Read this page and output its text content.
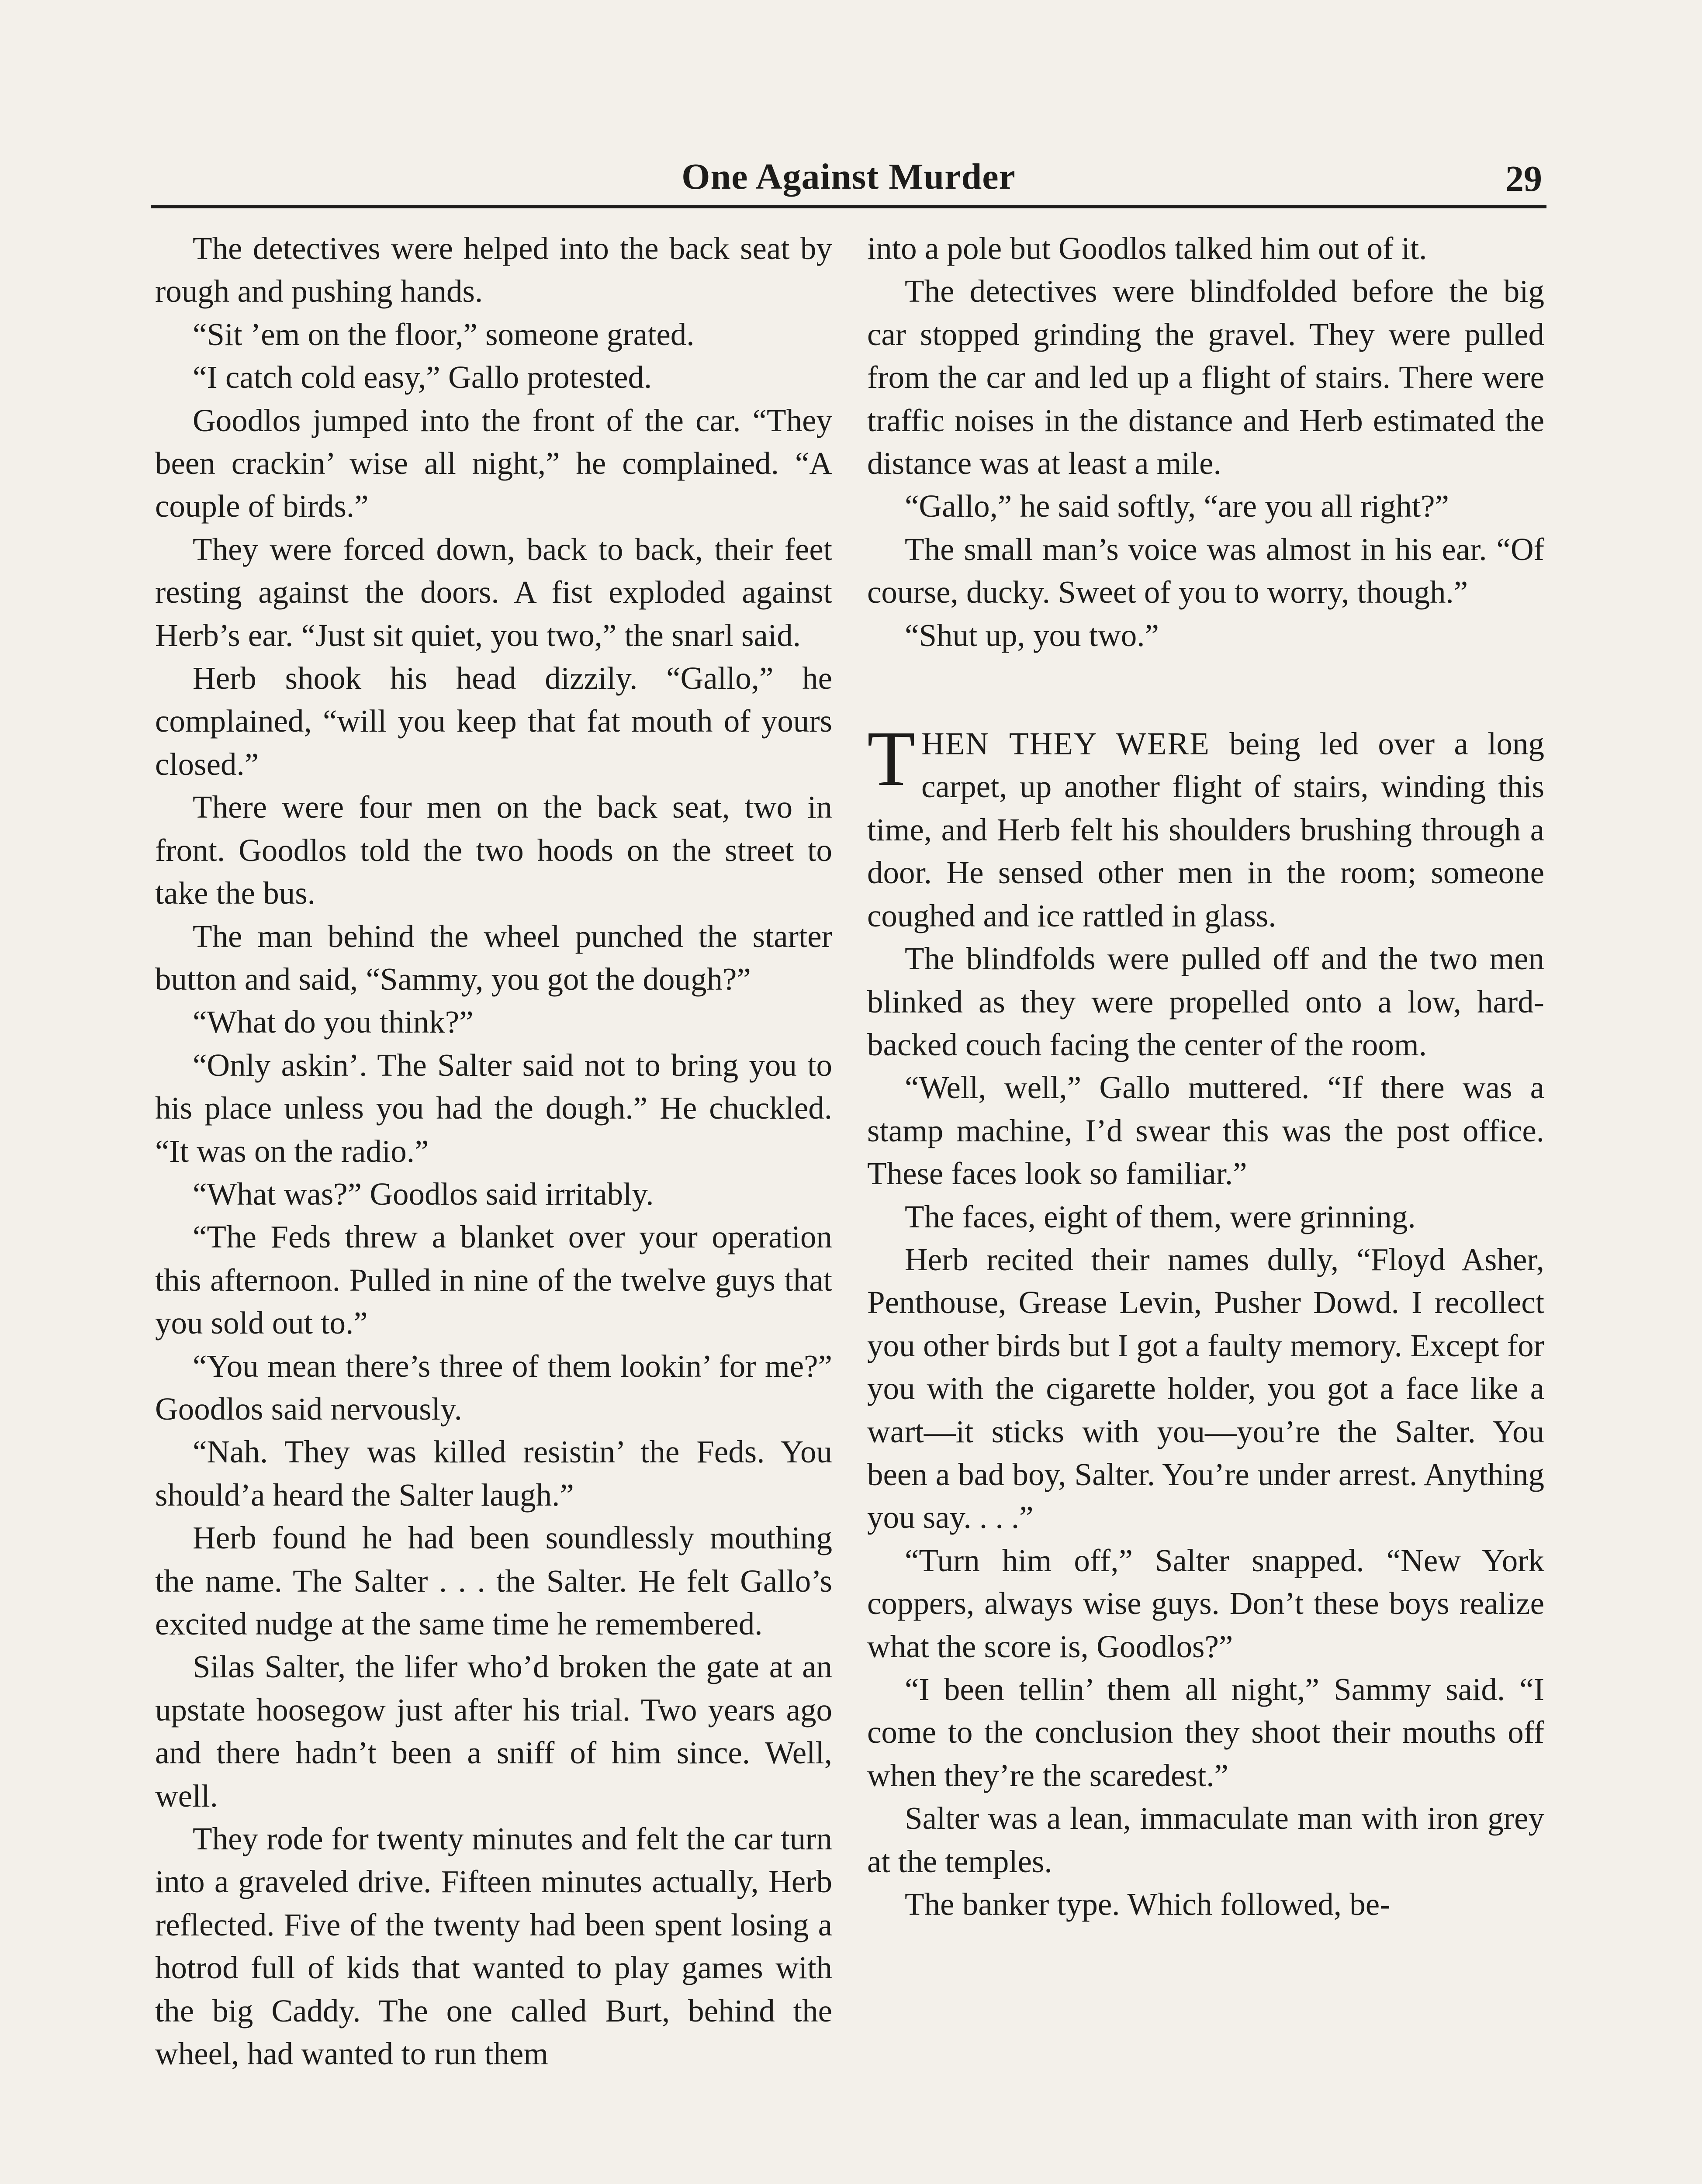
One Against Murder	29

The detectives were helped into the back seat by rough and pushing hands.

“Sit ’em on the floor,” someone grated.

“I catch cold easy,” Gallo protested.

Goodlos jumped into the front of the car. “They been crackin’ wise all night,” he complained. “A couple of birds.”

They were forced down, back to back, their feet resting against the doors. A fist exploded against Herb’s ear. “Just sit quiet, you two,” the snarl said.

Herb shook his head dizzily. “Gallo,” he complained, “will you keep that fat mouth of yours closed.”

There were four men on the back seat, two in front. Goodlos told the two hoods on the street to take the bus.

The man behind the wheel punched the starter button and said, “Sammy, you got the dough?”

“What do you think?”

“Only askin’. The Salter said not to bring you to his place unless you had the dough.” He chuckled. “It was on the radio.”

“What was?” Goodlos said irritably.

“The Feds threw a blanket over your operation this afternoon. Pulled in nine of the twelve guys that you sold out to.”

“You mean there’s three of them lookin’ for me?” Goodlos said nervously.

“Nah. They was killed resistin’ the Feds. You should’a heard the Salter laugh.”

Herb found he had been soundlessly mouthing the name. The Salter . . . the Salter. He felt Gallo’s excited nudge at the same time he remembered.

Silas Salter, the lifer who’d broken the gate at an upstate hoosegow just after his trial. Two years ago and there hadn’t been a sniff of him since. Well, well.

They rode for twenty minutes and felt the car turn into a graveled drive. Fifteen minutes actually, Herb reflected. Five of the twenty had been spent losing a hotrod full of kids that wanted to play games with the big Caddy. The one called Burt, behind the wheel, had wanted to run them

into a pole but Goodlos talked him out of it.

The detectives were blindfolded before the big car stopped grinding the gravel. They were pulled from the car and led up a flight of stairs. There were traffic noises in the distance and Herb estimated the distance was at least a mile.

“Gallo,” he said softly, “are you all right?”

The small man’s voice was almost in his ear. “Of course, ducky. Sweet of you to worry, though.”

“Shut up, you two.”

THEN THEY WERE being led over a long carpet, up another flight of stairs, winding this time, and Herb felt his shoulders brushing through a door. He sensed other men in the room; someone coughed and ice rattled in glass.

The blindfolds were pulled off and the two men blinked as they were propelled onto a low, hard-backed couch facing the center of the room.

“Well, well,” Gallo muttered. “If there was a stamp machine, I’d swear this was the post office. These faces look so familiar.”

The faces, eight of them, were grinning.

Herb recited their names dully, “Floyd Asher, Penthouse, Grease Levin, Pusher Dowd. I recollect you other birds but I got a faulty memory. Except for you with the cigarette holder, you got a face like a wart—it sticks with you—you’re the Salter. You been a bad boy, Salter. You’re under arrest. Anything you say. . . .”

“Turn him off,” Salter snapped. “New York coppers, always wise guys. Don’t these boys realize what the score is, Goodlos?”

“I been tellin’ them all night,” Sammy said. “I come to the conclusion they shoot their mouths off when they’re the scaredest.”

Salter was a lean, immaculate man with iron grey at the temples.

The banker type. Which followed, be-
